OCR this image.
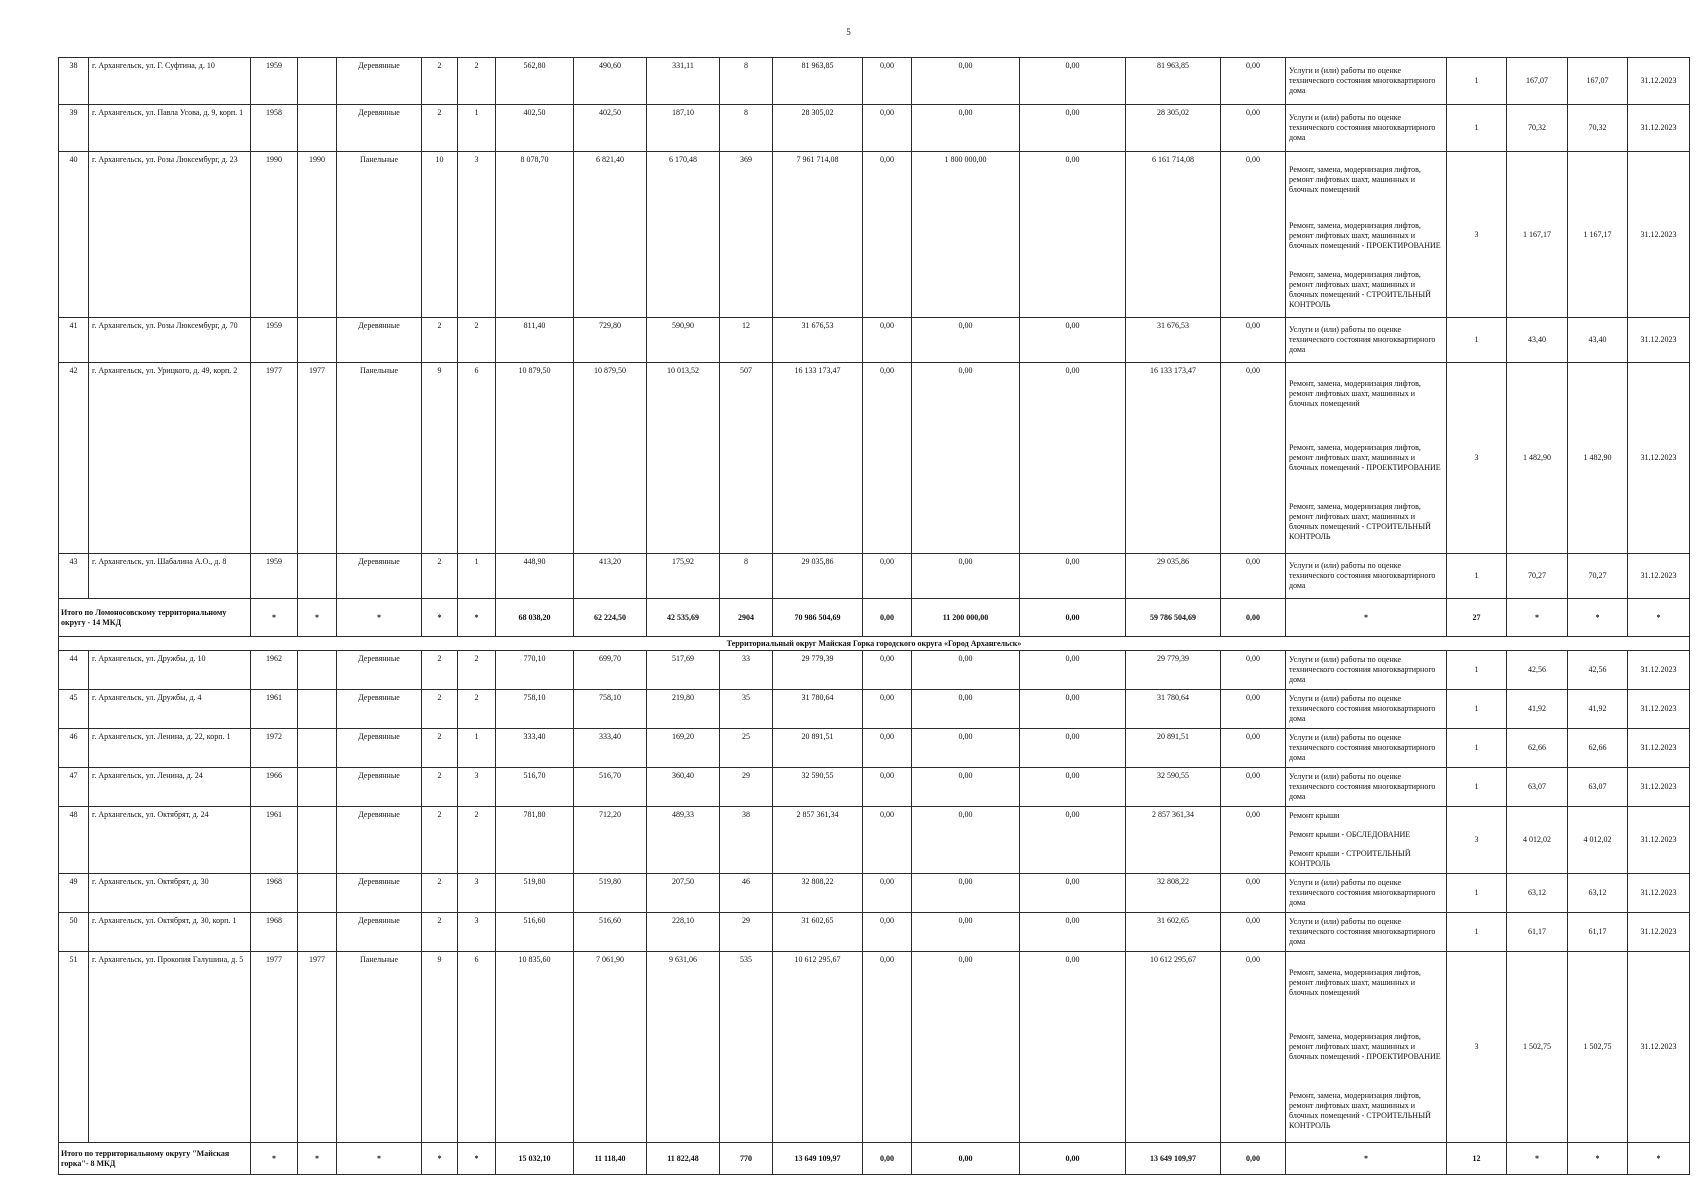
5
38	г. Архангельск, ул. Г. Суфтина, д. 10	1959		Деревянные	2	2	562,80	490,60	331,11	8	81 963,85	0,00	0,00	0,00	81 963,85	0,00	Услуги и (или) работы по оценке технического состояния многоквартирного дома	1	167,07	167,07	31.12.2023
39	г. Архангельск, ул. Павла Усова, д. 9, корп. 1	1958		Деревянные	2	1	402,50	402,50	187,10	8	28 305,02	0,00	0,00	0,00	28 305,02	0,00	Услуги и (или) работы по оценке технического состояния многоквартирного дома	1	70,32	70,32	31.12.2023
40	г. Архангельск, ул. Розы Люксембург, д. 23	1990	1990	Панельные	10	3	8 078,70	6 821,40	6 170,48	369	7 961 714,08	0,00	1 800 000,00	0,00	6 161 714,08	0,00	Ремонт, замена, модернизация лифтов, ремонт лифтовых шахт, машинных и блочных помещений	3	1 167,17	1 167,17	31.12.2023
																	Ремонт, замена, модернизация лифтов, ремонт лифтовых шахт, машинных и блочных помещений - ПРОЕКТИРОВАНИЕ				
																	Ремонт, замена, модернизация лифтов, ремонт лифтовых шахт, машинных и блочных помещений - СТРОИТЕЛЬНЫЙ КОНТРОЛЬ				
41	г. Архангельск, ул. Розы Люксембург, д. 70	1959		Деревянные	2	2	811,40	729,80	590,90	12	31 676,53	0,00	0,00	0,00	31 676,53	0,00	Услуги и (или) работы по оценке технического состояния многоквартирного дома	1	43,40	43,40	31.12.2023
42	г. Архангельск, ул. Урицкого, д. 49, корп. 2	1977	1977	Панельные	9	6	10 879,50	10 879,50	10 013,52	507	16 133 173,47	0,00	0,00	0,00	16 133 173,47	0,00	Ремонт, замена, модернизация лифтов, ремонт лифтовых шахт, машинных и блочных помещений	3	1 482,90	1 482,90	31.12.2023
																	Ремонт, замена, модернизация лифтов, ремонт лифтовых шахт, машинных и блочных помещений - ПРОЕКТИРОВАНИЕ				
																	Ремонт, замена, модернизация лифтов, ремонт лифтовых шахт, машинных и блочных помещений - СТРОИТЕЛЬНЫЙ КОНТРОЛЬ				
43	г. Архангельск, ул. Шабалина А.О., д. 8	1959		Деревянные	2	1	448,90	413,20	175,92	8	29 035,86	0,00	0,00	0,00	29 035,86	0,00	Услуги и (или) работы по оценке технического состояния многоквартирного дома	1	70,27	70,27	31.12.2023
Итого по Ломоносовскому территориальному округу - 14 МКД		*	*	*	*	*	68 038,20	62 224,50	42 535,69	2904	70 986 504,69	0,00	11 200 000,00	0,00	59 786 504,69	0,00	*	27	*	*	*
Территориальный округ Майская Горка городского округа «Город Архангельск»																					
44	г. Архангельск, ул. Дружбы, д. 10	1962		Деревянные	2	2	770,10	699,70	517,69	33	29 779,39	0,00	0,00	0,00	29 779,39	0,00	Услуги и (или) работы по оценке технического состояния многоквартирного дома	1	42,56	42,56	31.12.2023
45	г. Архангельск, ул. Дружбы, д. 4	1961		Деревянные	2	2	758,10	758,10	219,80	35	31 780,64	0,00	0,00	0,00	31 780,64	0,00	Услуги и (или) работы по оценке технического состояния многоквартирного дома	1	41,92	41,92	31.12.2023
46	г. Архангельск, ул. Ленина, д. 22, корп. 1	1972		Деревянные	2	1	333,40	333,40	169,20	25	20 891,51	0,00	0,00	0,00	20 891,51	0,00	Услуги и (или) работы по оценке технического состояния многоквартирного дома	1	62,66	62,66	31.12.2023
47	г. Архангельск, ул. Ленина, д. 24	1966		Деревянные	2	3	516,70	516,70	360,40	29	32 590,55	0,00	0,00	0,00	32 590,55	0,00	Услуги и (или) работы по оценке технического состояния многоквартирного дома	1	63,07	63,07	31.12.2023
48	г. Архангельск, ул. Октябрят, д. 24	1961		Деревянные	2	2	781,80	712,20	489,33	38	2 857 361,34	0,00	0,00	0,00	2 857 361,34	0,00	Ремонт крыши	3	4 012,02	4 012,02	31.12.2023
																	Ремонт крыши - ОБСЛЕДОВАНИЕ				
																	Ремонт крыши - СТРОИТЕЛЬНЫЙ КОНТРОЛЬ				
49	г. Архангельск, ул. Октябрят, д. 30	1968		Деревянные	2	3	519,80	519,80	207,50	46	32 808,22	0,00	0,00	0,00	32 808,22	0,00	Услуги и (или) работы по оценке технического состояния многоквартирного дома	1	63,12	63,12	31.12.2023
50	г. Архангельск, ул. Октябрят, д. 30, корп. 1	1968		Деревянные	2	3	516,60	516,60	228,10	29	31 602,65	0,00	0,00	0,00	31 602,65	0,00	Услуги и (или) работы по оценке технического состояния многоквартирного дома	1	61,17	61,17	31.12.2023
51	г. Архангельск, ул. Прокопия Галушина, д. 5	1977	1977	Панельные	9	6	10 835,60	7 061,90	9 631,06	535	10 612 295,67	0,00	0,00	0,00	10 612 295,67	0,00	Ремонт, замена, модернизация лифтов, ремонт лифтовых шахт, машинных и блочных помещений	3	1 502,75	1 502,75	31.12.2023
																	Ремонт, замена, модернизация лифтов, ремонт лифтовых шахт, машинных и блочных помещений - ПРОЕКТИРОВАНИЕ				
																	Ремонт, замена, модернизация лифтов, ремонт лифтовых шахт, машинных и блочных помещений - СТРОИТЕЛЬНЫЙ КОНТРОЛЬ				
Итого по территориальному округу "Майская горка"- 8 МКД		*	*	*	*	*	15 032,10	11 118,40	11 822,48	770	13 649 109,97	0,00	0,00	0,00	13 649 109,97	0,00	*	12	*	*	*
